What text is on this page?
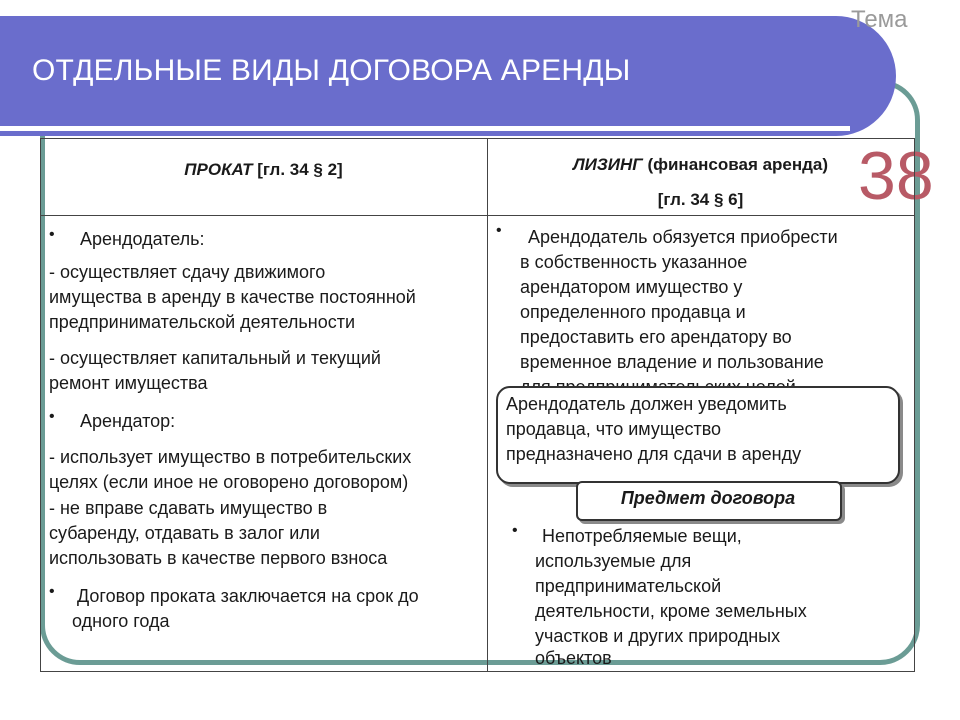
ОТДЕЛЬНЫЕ ВИДЫ ДОГОВОРА АРЕНДЫ
Тема
38
ПРОКАТ [гл. 34 § 2]	ЛИЗИНГ (финансовая аренда)
[гл. 34 § 6]
• Арендодатель:
- осуществляет сдачу движимого
имущества в аренду в качестве постоянной
предпринимательской деятельности
- осуществляет капитальный и текущий
ремонт имущества
• Арендатор:
- использует имущество в потребительских
целях (если иное не оговорено договором)
- не вправе сдавать имущество в
субаренду, отдавать в залог или
использовать в качестве первого взноса
• Договор проката заключается на срок до
одного года
• Арендодатель обязуется приобрести
в собственность указанное
арендатором имущество у
определенного продавца и
предоставить его арендатору во
временное владение и пользование
Арендодатель должен уведомить
продавца, что имущество
предназначено для сдачи в аренду
Предмет договора
• Непотребляемые вещи,
используемые для
предпринимательской
деятельности, кроме земельных
участков и других природных
объектов
